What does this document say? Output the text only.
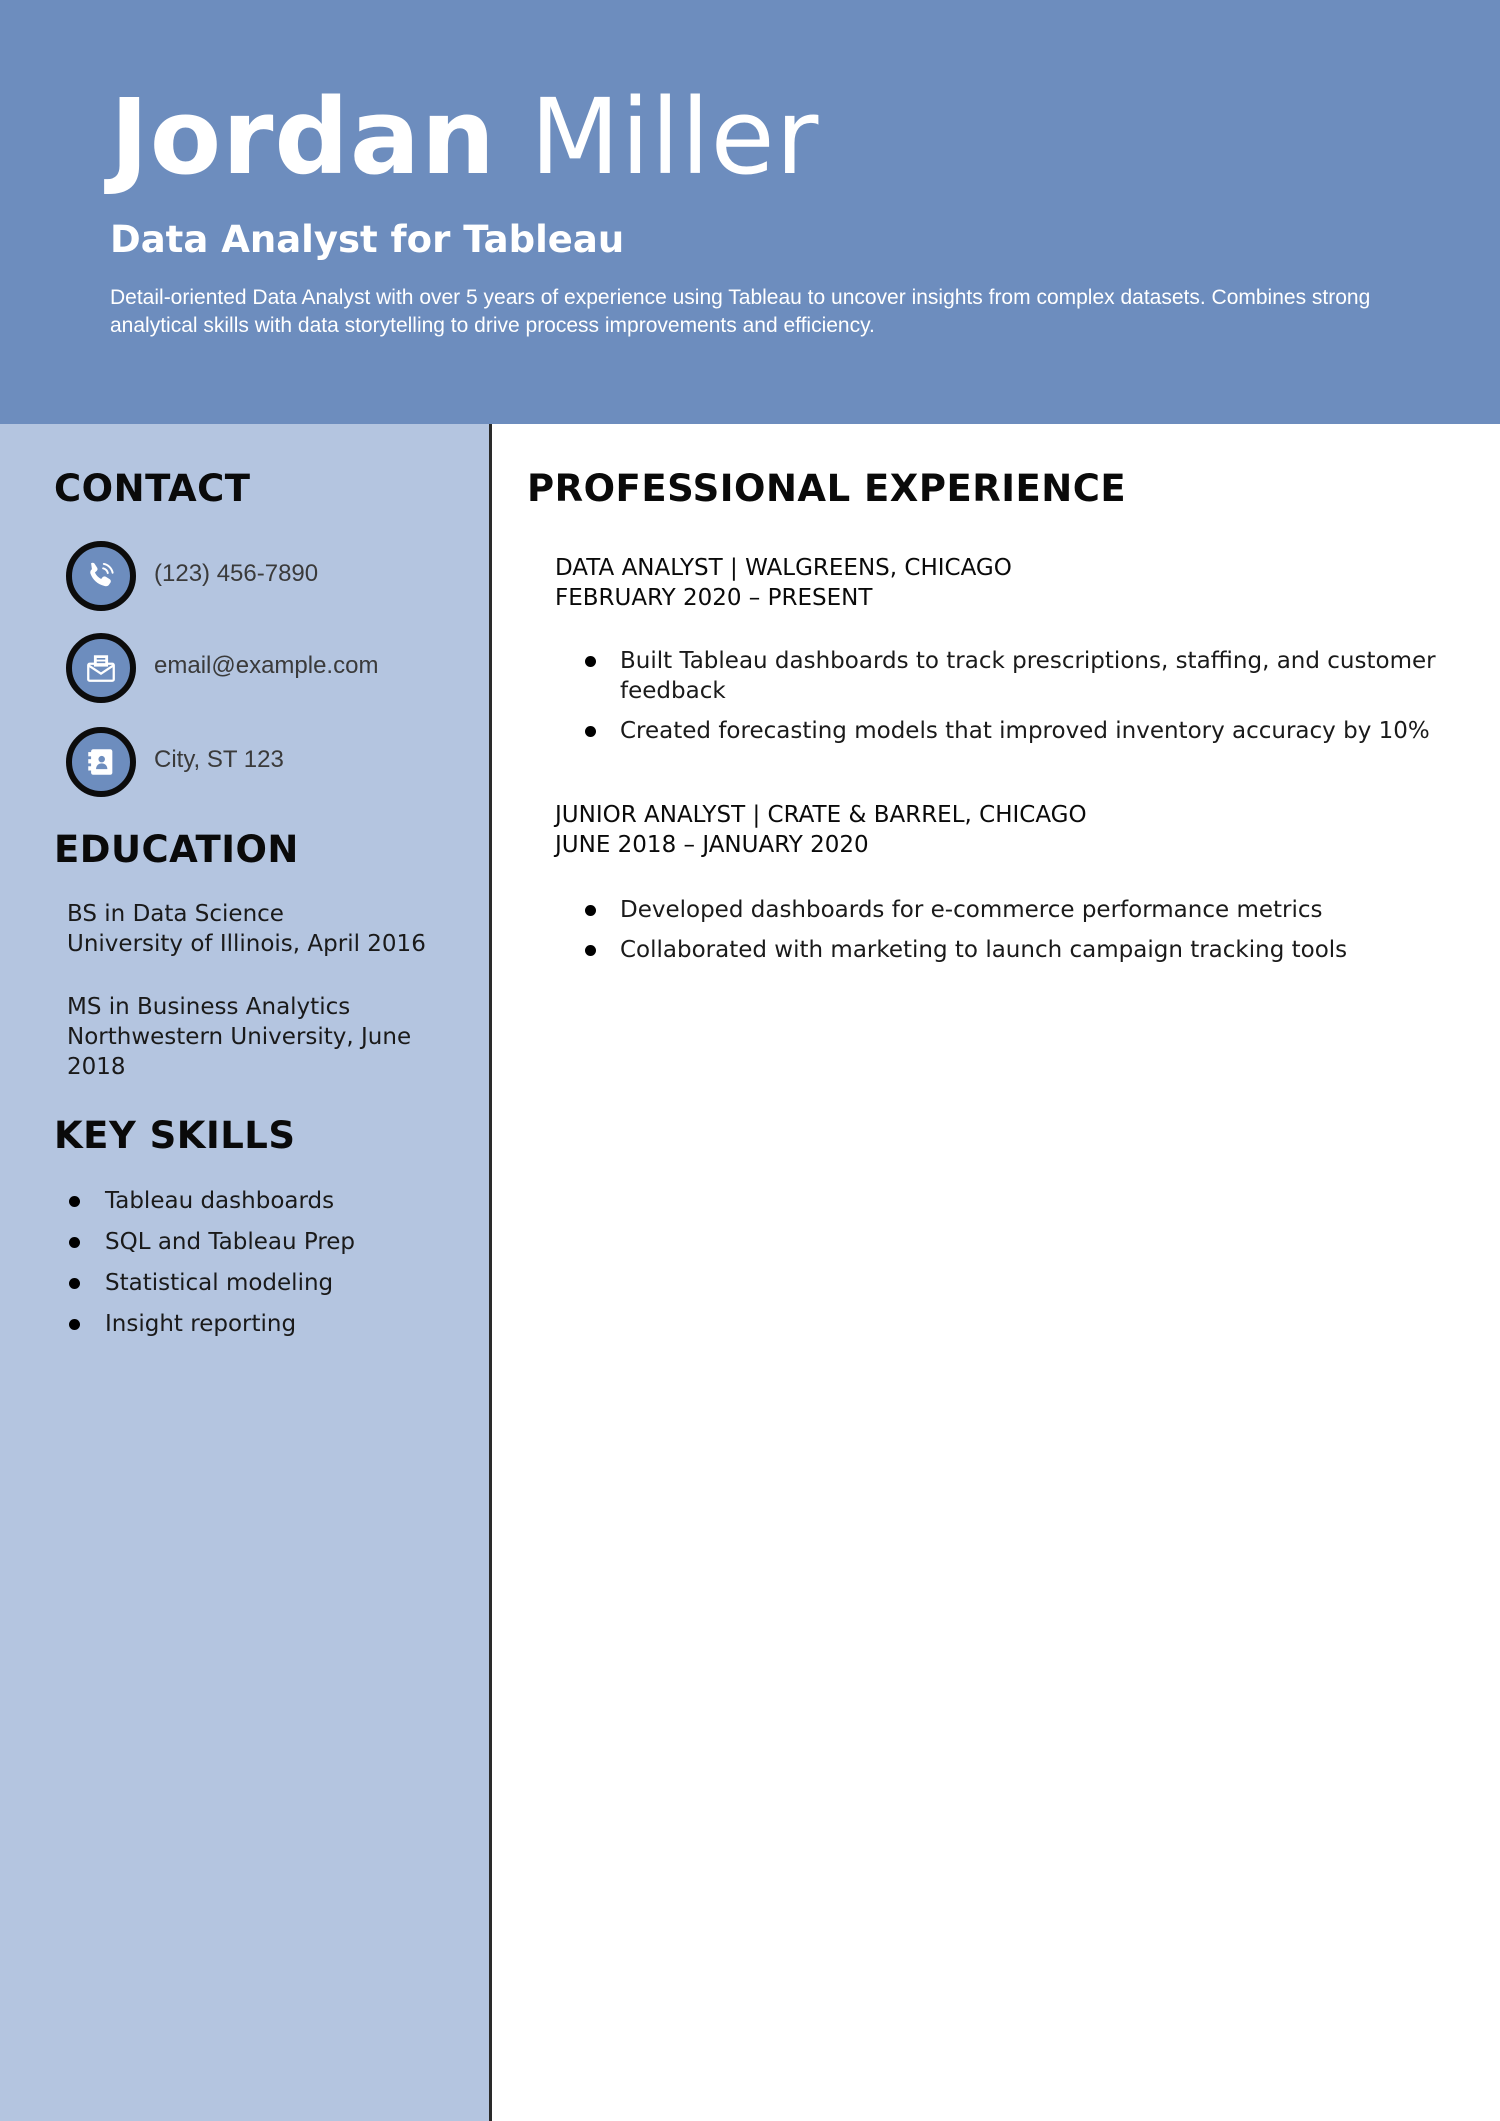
Jordan Miller
Data Analyst for Tableau
Detail-oriented Data Analyst with over 5 years of experience using Tableau to uncover insights from complex datasets. Combines strong analytical skills with data storytelling to drive process improvements and efficiency.
CONTACT
(123) 456-7890
email@example.com
City, ST 123
EDUCATION
BS in Data Science
University of Illinois, April 2016
MS in Business Analytics
Northwestern University, June 2018
KEY SKILLS
Tableau dashboards
SQL and Tableau Prep
Statistical modeling
Insight reporting
PROFESSIONAL EXPERIENCE
DATA ANALYST | WALGREENS, CHICAGO
FEBRUARY 2020 – PRESENT
Built Tableau dashboards to track prescriptions, staffing, and customer feedback
Created forecasting models that improved inventory accuracy by 10%
JUNIOR ANALYST | CRATE & BARREL, CHICAGO
JUNE 2018 – JANUARY 2020
Developed dashboards for e-commerce performance metrics
Collaborated with marketing to launch campaign tracking tools
